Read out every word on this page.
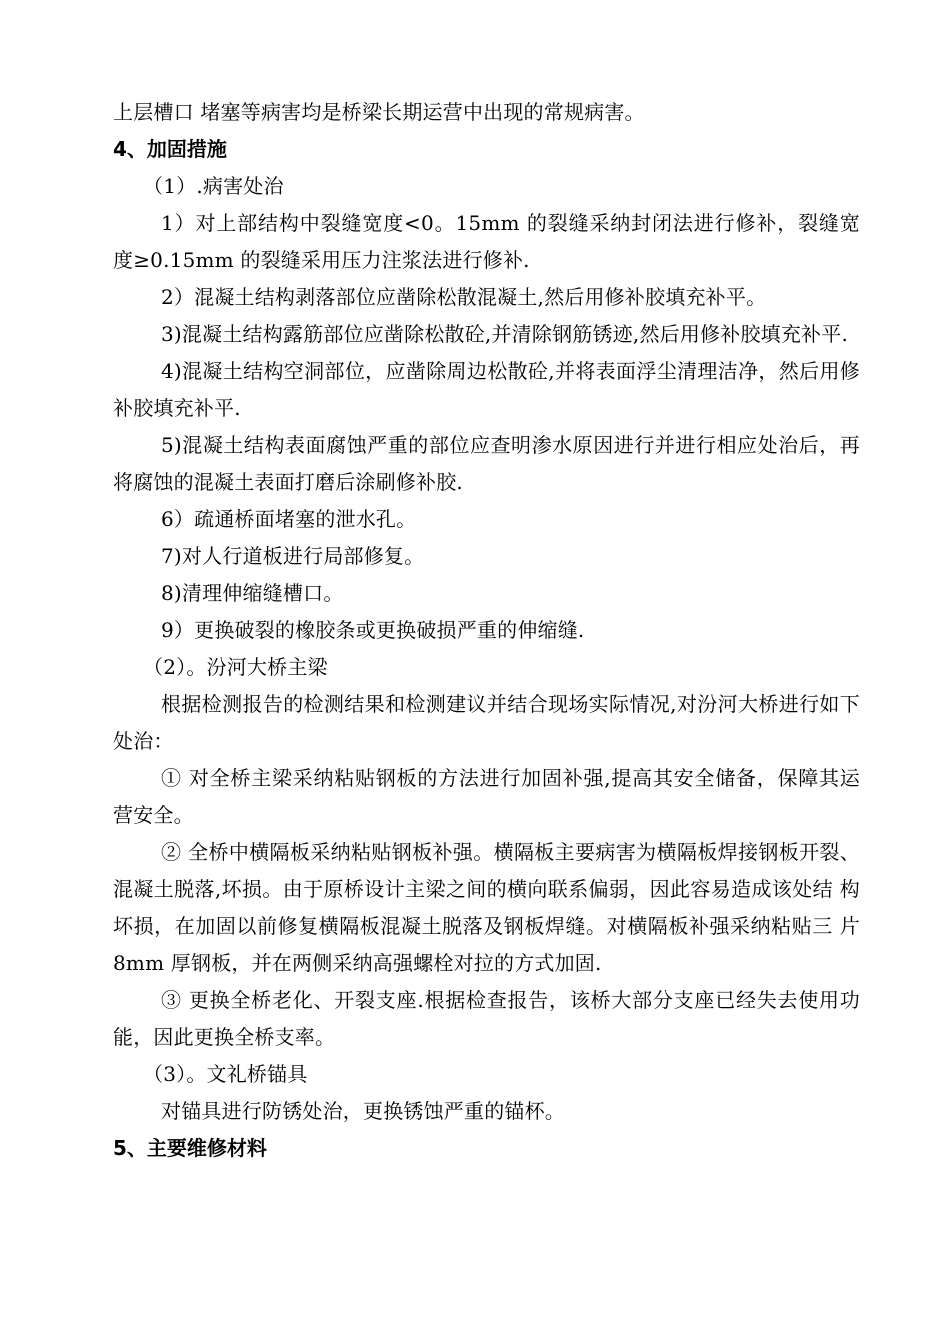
上层槽口 堵塞等病害均是桥梁长期运营中出现的常规病害。
4、加固措施
（1）.病害处治
1）对上部结构中裂缝宽度<0。15mm 的裂缝采纳封闭法进行修补，裂缝宽度≥0.15mm 的裂缝采用压力注浆法进行修补.
2）混凝土结构剥落部位应凿除松散混凝土,然后用修补胶填充补平。
3)混凝土结构露筋部位应凿除松散砼,并清除钢筋锈迹,然后用修补胶填充补平.
4)混凝土结构空洞部位，应凿除周边松散砼,并将表面浮尘清理洁净，然后用修补胶填充补平.
5)混凝土结构表面腐蚀严重的部位应查明渗水原因进行并进行相应处治后，再将腐蚀的混凝土表面打磨后涂刷修补胶.
6）疏通桥面堵塞的泄水孔。
7)对人行道板进行局部修复。
8)清理伸缩缝槽口。
9）更换破裂的橡胶条或更换破损严重的伸缩缝.
（2）。汾河大桥主梁
根据检测报告的检测结果和检测建议并结合现场实际情况,对汾河大桥进行如下处治：
① 对全桥主梁采纳粘贴钢板的方法进行加固补强,提高其安全储备，保障其运营安全。
② 全桥中横隔板采纳粘贴钢板补强。横隔板主要病害为横隔板焊接钢板开裂、 混凝土脱落,坏损。由于原桥设计主梁之间的横向联系偏弱，因此容易造成该处结 构坏损，在加固以前修复横隔板混凝土脱落及钢板焊缝。对横隔板补强采纳粘贴三 片 8mm 厚钢板，并在两侧采纳高强螺栓对拉的方式加固.
③ 更换全桥老化、开裂支座.根据检查报告，该桥大部分支座已经失去使用功能，因此更换全桥支率。
（3）。文礼桥锚具
对锚具进行防锈处治，更换锈蚀严重的锚杯。
5、主要维修材料
